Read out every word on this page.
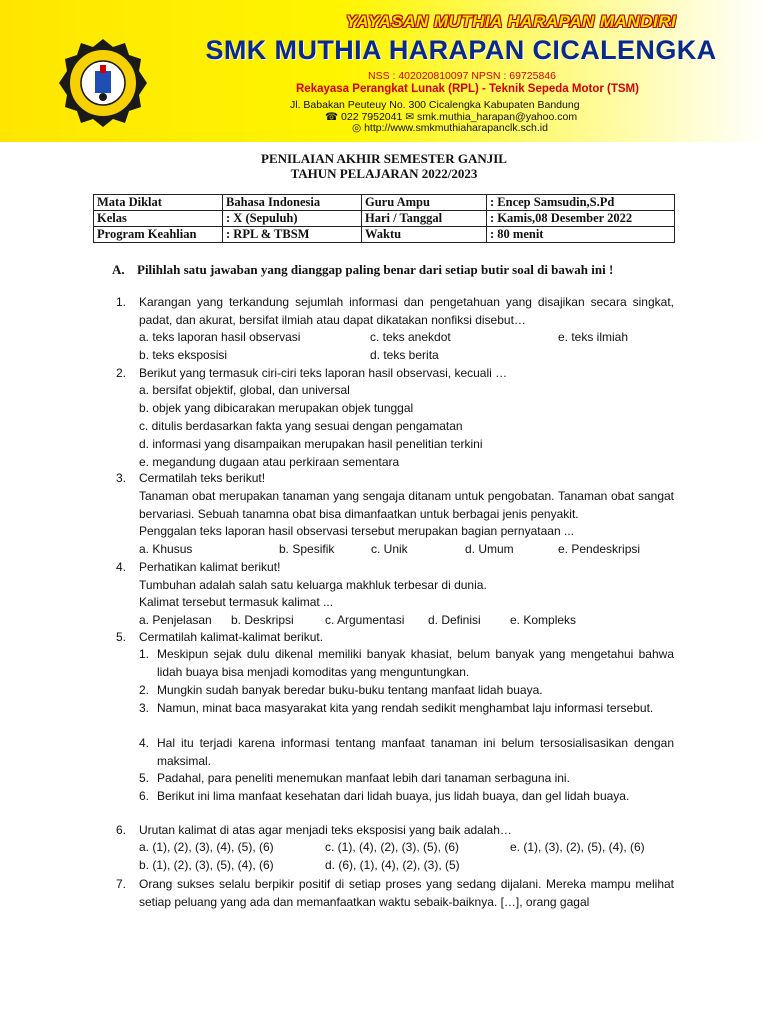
YAYASAN MUTHIA HARAPAN MANDIRI
SMK MUTHIA HARAPAN CICALENGKA
NSS : 402020810097 NPSN : 69725846
Rekayasa Perangkat Lunak (RPL) - Teknik Sepeda Motor (TSM)
Jl. Babakan Peuteuy No. 300 Cicalengka Kabupaten Bandung
☎ 022 7952041 ✉ smk.muthia_harapan@yahoo.com
◎ http://www.smkmuthiaharapanclk.sch.id
PENILAIAN AKHIR SEMESTER GANJIL
TAHUN PELAJARAN 2022/2023
Mata Diklat	Bahasa Indonesia	Guru Ampu	: Encep Samsudin,S.Pd
Kelas	: X (Sepuluh)	Hari / Tanggal	: Kamis,08 Desember 2022
Program Keahlian	: RPL & TBSM	Waktu	: 80 menit
A. Pilihlah satu jawaban yang dianggap paling benar dari setiap butir soal di bawah ini !
1. Karangan yang terkandung sejumlah informasi dan pengetahuan yang disajikan secara singkat, padat, dan akurat, bersifat ilmiah atau dapat dikatakan nonfiksi disebut…
a. teks laporan hasil observasi	c. teks anekdot	e. teks ilmiah
b. teks eksposisi	d. teks berita
2. Berikut yang termasuk ciri-ciri teks laporan hasil observasi, kecuali …
a. bersifat objektif, global, dan universal
b. objek yang dibicarakan merupakan objek tunggal
c. ditulis berdasarkan fakta yang sesuai dengan pengamatan
d. informasi yang disampaikan merupakan hasil penelitian terkini
e. megandung dugaan atau perkiraan sementara
3. Cermatilah teks berikut!
Tanaman obat merupakan tanaman yang sengaja ditanam untuk pengobatan. Tanaman obat sangat bervariasi. Sebuah tanamna obat bisa dimanfaatkan untuk berbagai jenis penyakit.
Penggalan teks laporan hasil observasi tersebut merupakan bagian pernyataan ...
a. Khusus	b. Spesifik	c. Unik	d. Umum	e. Pendeskripsi
4. Perhatikan kalimat berikut!
Tumbuhan adalah salah satu keluarga makhluk terbesar di dunia.
Kalimat tersebut termasuk kalimat ...
a. Penjelasan b. Deskripsi	c. Argumentasi d. Definisi e. Kompleks
5. Cermatilah kalimat-kalimat berikut.
1. Meskipun sejak dulu dikenal memiliki banyak khasiat, belum banyak yang mengetahui bahwa lidah buaya bisa menjadi komoditas yang menguntungkan.
2. Mungkin sudah banyak beredar buku-buku tentang manfaat lidah buaya.
3. Namun, minat baca masyarakat kita yang rendah sedikit menghambat laju informasi tersebut.
4. Hal itu terjadi karena informasi tentang manfaat tanaman ini belum tersosialisasikan dengan maksimal.
5. Padahal, para peneliti menemukan manfaat lebih dari tanaman serbaguna ini.
6. Berikut ini lima manfaat kesehatan dari lidah buaya, jus lidah buaya, dan gel lidah buaya.
6. Urutan kalimat di atas agar menjadi teks eksposisi yang baik adalah…
a. (1), (2), (3), (4), (5), (6)	c. (1), (4), (2), (3), (5), (6)	e. (1), (3), (2), (5), (4), (6)
b. (1), (2), (3), (5), (4), (6)	d. (6), (1), (4), (2), (3), (5)
7. Orang sukses selalu berpikir positif di setiap proses yang sedang dijalani. Mereka mampu melihat setiap peluang yang ada dan memanfaatkan waktu sebaik-baiknya. […], orang gagal
